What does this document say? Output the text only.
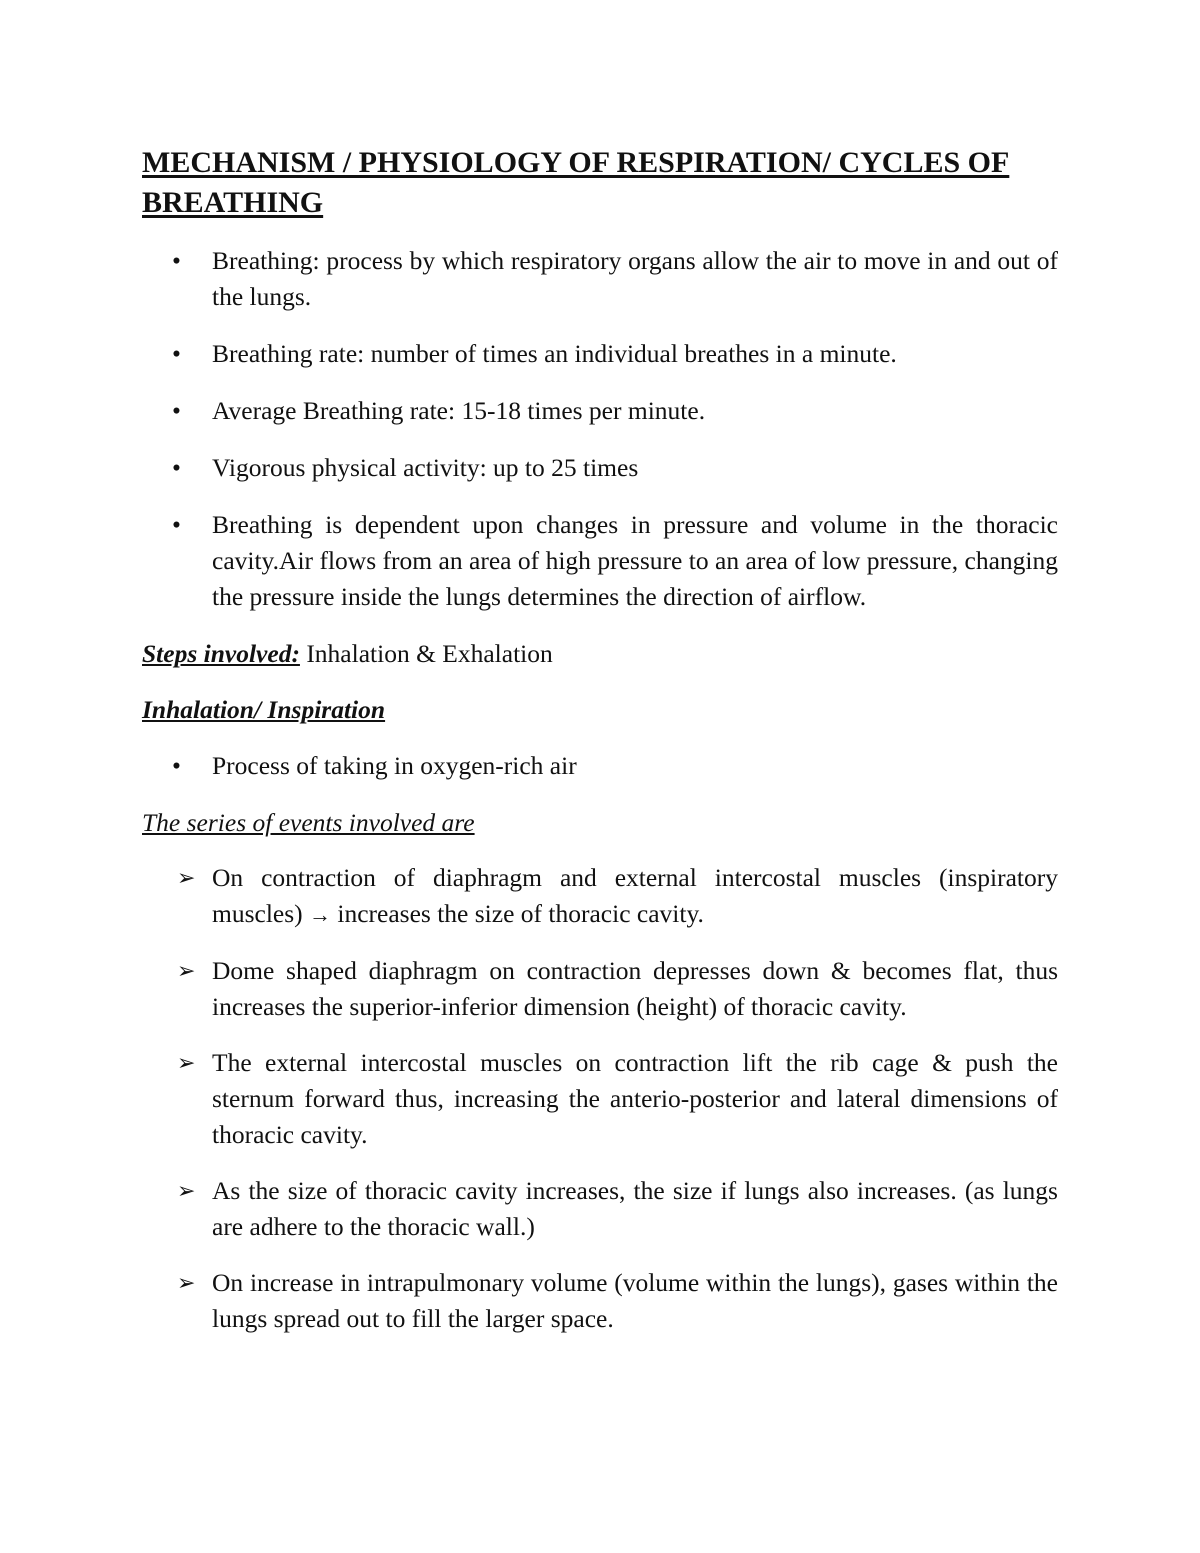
MECHANISM / PHYSIOLOGY OF RESPIRATION/ CYCLES OF BREATHING
• Breathing: process by which respiratory organs allow the air to move in and out of the lungs.
• Breathing rate: number of times an individual breathes in a minute.
• Average Breathing rate: 15-18 times per minute.
• Vigorous physical activity: up to 25 times
• Breathing is dependent upon changes in pressure and volume in the thoracic cavity.Air flows from an area of high pressure to an area of low pressure, changing the pressure inside the lungs determines the direction of airflow.

Steps involved: Inhalation & Exhalation

Inhalation/ Inspiration

• Process of taking in oxygen-rich air

The series of events involved are

➢ On contraction of diaphragm and external intercostal muscles (inspiratory muscles) → increases the size of thoracic cavity.
➢ Dome shaped diaphragm on contraction depresses down & becomes flat, thus increases the superior-inferior dimension (height) of thoracic cavity.
➢ The external intercostal muscles on contraction lift the rib cage & push the sternum forward thus, increasing the anterio-posterior and lateral dimensions of thoracic cavity.
➢ As the size of thoracic cavity increases, the size if lungs also increases. (as lungs are adhere to the thoracic wall.)
➢ On increase in intrapulmonary volume (volume within the lungs), gases within the lungs spread out to fill the larger space.
